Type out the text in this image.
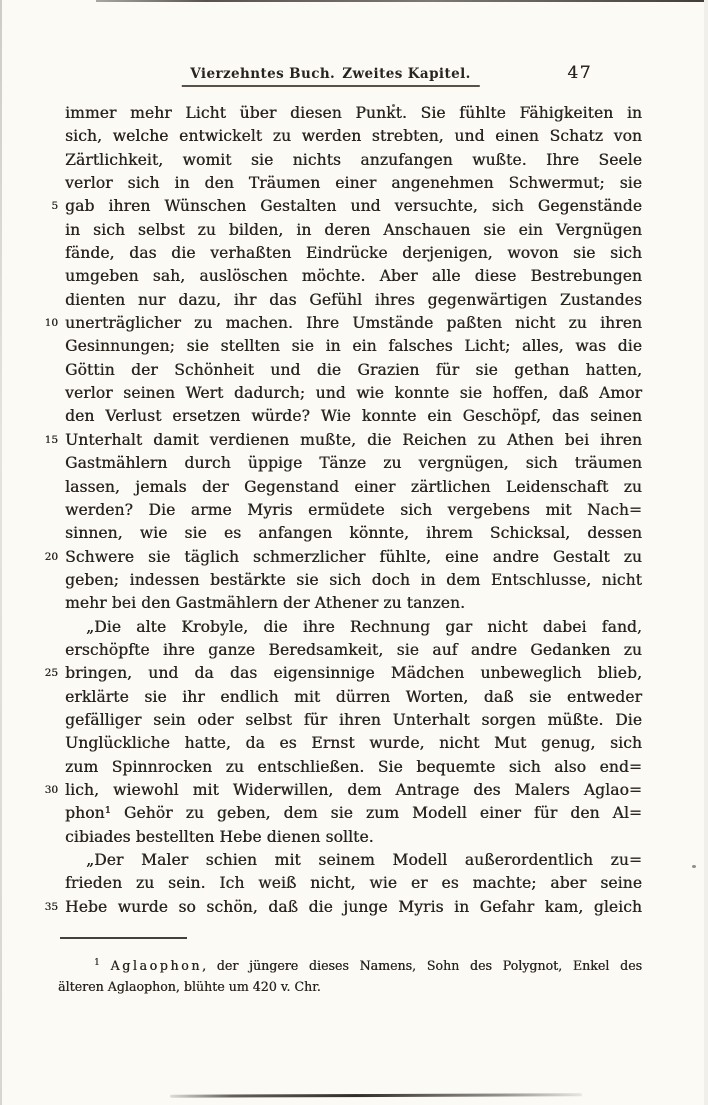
Vierzehntes Buch. Zweites Kapitel.	47
immer mehr Licht über diesen Punkt. Sie fühlte Fähigkeiten in
sich, welche entwickelt zu werden strebten, und einen Schatz von
Zärtlichkeit, womit sie nichts anzufangen wußte. Ihre Seele
verlor sich in den Träumen einer angenehmen Schwermut; sie
5 gab ihren Wünschen Gestalten und versuchte, sich Gegenstände
in sich selbst zu bilden, in deren Anschauen sie ein Vergnügen
fände, das die verhaßten Eindrücke derjenigen, wovon sie sich
umgeben sah, auslöschen möchte. Aber alle diese Bestrebungen
dienten nur dazu, ihr das Gefühl ihres gegenwärtigen Zustandes
10 unerträglicher zu machen. Ihre Umstände paßten nicht zu ihren
Gesinnungen; sie stellten sie in ein falsches Licht; alles, was die
Göttin der Schönheit und die Grazien für sie gethan hatten,
verlor seinen Wert dadurch; und wie konnte sie hoffen, daß Amor
den Verlust ersetzen würde? Wie konnte ein Geschöpf, das seinen
15 Unterhalt damit verdienen mußte, die Reichen zu Athen bei ihren
Gastmählern durch üppige Tänze zu vergnügen, sich träumen
lassen, jemals der Gegenstand einer zärtlichen Leidenschaft zu
werden? Die arme Myris ermüdete sich vergebens mit Nach=
sinnen, wie sie es anfangen könnte, ihrem Schicksal, dessen
20 Schwere sie täglich schmerzlicher fühlte, eine andre Gestalt zu
geben; indessen bestärkte sie sich doch in dem Entschlusse, nicht
mehr bei den Gastmählern der Athener zu tanzen.
„Die alte Krobyle, die ihre Rechnung gar nicht dabei fand,
erschöpfte ihre ganze Beredsamkeit, sie auf andre Gedanken zu
25 bringen, und da das eigensinnige Mädchen unbeweglich blieb,
erklärte sie ihr endlich mit dürren Worten, daß sie entweder
gefälliger sein oder selbst für ihren Unterhalt sorgen müßte. Die
Unglückliche hatte, da es Ernst wurde, nicht Mut genug, sich
zum Spinnrocken zu entschließen. Sie bequemte sich also end=
30 lich, wiewohl mit Widerwillen, dem Antrage des Malers Aglao=
phon¹ Gehör zu geben, dem sie zum Modell einer für den Al=
cibiades bestellten Hebe dienen sollte.
„Der Maler schien mit seinem Modell außerordentlich zu=
frieden zu sein. Ich weiß nicht, wie er es machte; aber seine
35 Hebe wurde so schön, daß die junge Myris in Gefahr kam, gleich
$^1$ Aglaophon, der jüngere dieses Namens, Sohn des Polygnot, Enkel des
älteren Aglaophon, blühte um 420 v. Chr.
